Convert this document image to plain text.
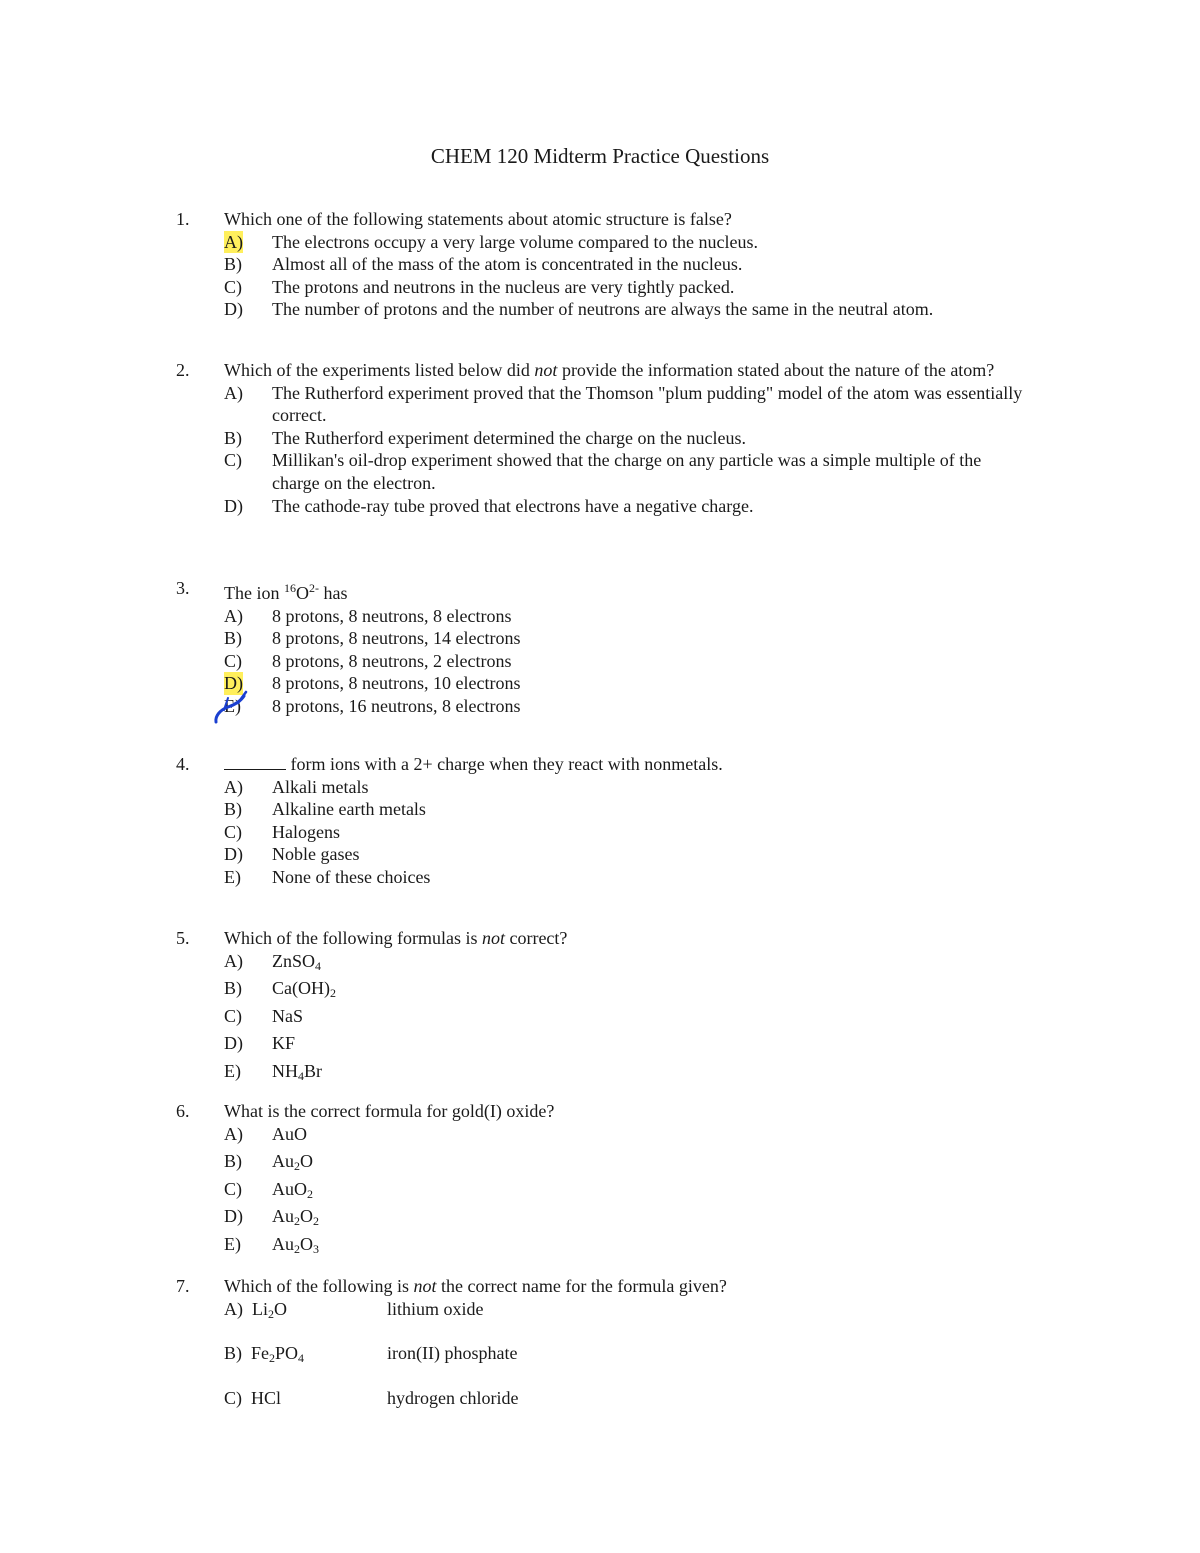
CHEM 120 Midterm Practice Questions
1. Which one of the following statements about atomic structure is false?
A) The electrons occupy a very large volume compared to the nucleus.
B) Almost all of the mass of the atom is concentrated in the nucleus.
C) The protons and neutrons in the nucleus are very tightly packed.
D) The number of protons and the number of neutrons are always the same in the neutral atom.
2. Which of the experiments listed below did not provide the information stated about the nature of the atom?
A) The Rutherford experiment proved that the Thomson "plum pudding" model of the atom was essentially correct.
B) The Rutherford experiment determined the charge on the nucleus.
C) Millikan's oil-drop experiment showed that the charge on any particle was a simple multiple of the charge on the electron.
D) The cathode-ray tube proved that electrons have a negative charge.
3. The ion $^{16}O^{2-}$ has
A) 8 protons, 8 neutrons, 8 electrons
B) 8 protons, 8 neutrons, 14 electrons
C) 8 protons, 8 neutrons, 2 electrons
D) 8 protons, 8 neutrons, 10 electrons
E) 8 protons, 16 neutrons, 8 electrons
4.	form ions with a 2+ charge when they react with nonmetals.
A) Alkali metals
B) Alkaline earth metals
C) Halogens
D) Noble gases
E) None of these choices
5. Which of the following formulas is not correct?
A) ZnSO$_4$
B) $Ca(OH)_2$
C) NaS
D) KF
E) $NH_4Br$
6. What is the correct formula for gold(I) oxide?
A) AuO
B) $Au_2O$
C) AuO$_2$
D) $Au_2O_2$
E) $Au_2O_3$
7. Which of the following is not the correct name for the formula given?
A) $Li_2O$	lithium oxide
B) $Fe_2PO_4$	iron(II) phosphate
C) HCl	hydrogen chloride
